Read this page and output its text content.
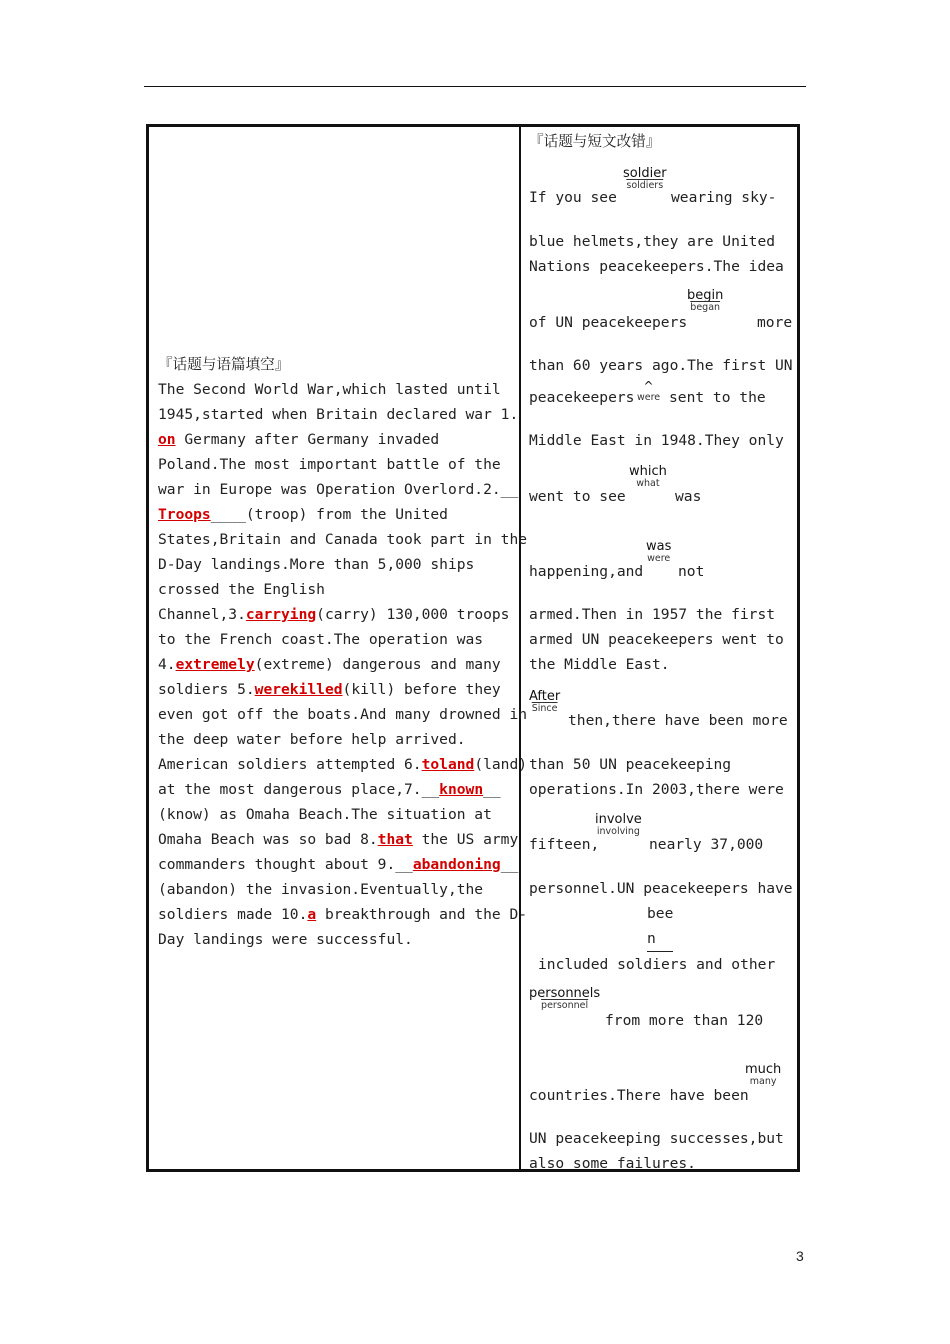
『话题与语篇填空』
The Second World War,which lasted until
1945,started when Britain declared war 1.
on Germany after Germany invaded
Poland.The most important battle of the
war in Europe was Operation Overlord.2.__
Troops____(troop) from the United
States,Britain and Canada took part in the
D-Day landings.More than 5,000 ships
crossed the English
Channel,3.carrying(carry) 130,000 troops
to the French coast.The operation was
4.extremely(extreme) dangerous and many
soldiers 5.werekilled(kill) before they
even got off the boats.And many drowned in
the deep water before help arrived.
American soldiers attempted 6.toland(land)
at the most dangerous place,7.__known__
(know) as Omaha Beach.The situation at
Omaha Beach was so bad 8.that the US army
commanders thought about 9.__abandoning__
(abandon) the invasion.Eventually,the
soldiers made 10.a breakthrough and the D-
Day landings were successful.
『话题与短文改错』
If you see
soldier
soldiers
wearing sky-
blue helmets,they are United
Nations peacekeepers.The idea
of UN peacekeepers
begin
began
more
than 60 years ago.The first UN
peacekeepers
^
were sent to the
Middle East in 1948.They only
went to see
which
what
was
happening,and
was
were
not
armed.Then in 1957 the first
armed UN peacekeepers went to
the Middle East.
After
Since
then,there have been more
than 50 UN peacekeeping
operations.In 2003,there were
fifteen,
involve
involving
nearly 37,000
personnel.UN peacekeepers have
bee
n
included soldiers and other
personnels
personnel
from more than 120
countries.There have been
much
many
UN peacekeeping successes,but
also some failures.
3
